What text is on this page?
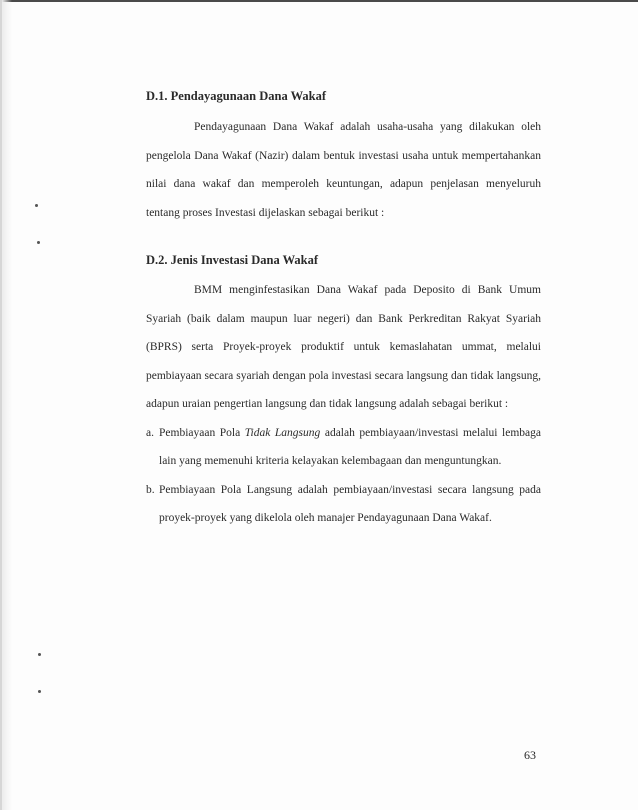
D.1. Pendayagunaan Dana Wakaf

Pendayagunaan Dana Wakaf adalah usaha-usaha yang dilakukan oleh pengelola Dana Wakaf (Nazir) dalam bentuk investasi usaha untuk mempertahankan nilai dana wakaf dan memperoleh keuntungan, adapun penjelasan menyeluruh tentang proses Investasi dijelaskan sebagai berikut :

D.2. Jenis Investasi Dana Wakaf

BMM menginfestasikan Dana Wakaf pada Deposito di Bank Umum Syariah (baik dalam maupun luar negeri) dan Bank Perkreditan Rakyat Syariah (BPRS) serta Proyek-proyek produktif untuk kemaslahatan ummat, melalui pembiayaan secara syariah dengan pola investasi secara langsung dan tidak langsung, adapun uraian pengertian langsung dan tidak langsung adalah sebagai berikut :

a. Pembiayaan Pola Tidak Langsung adalah pembiayaan/investasi melalui lembaga lain yang memenuhi kriteria kelayakan kelembagaan dan menguntungkan.
b. Pembiayaan Pola Langsung adalah pembiayaan/investasi secara langsung pada proyek-proyek yang dikelola oleh manajer Pendayagunaan Dana Wakaf.
63
